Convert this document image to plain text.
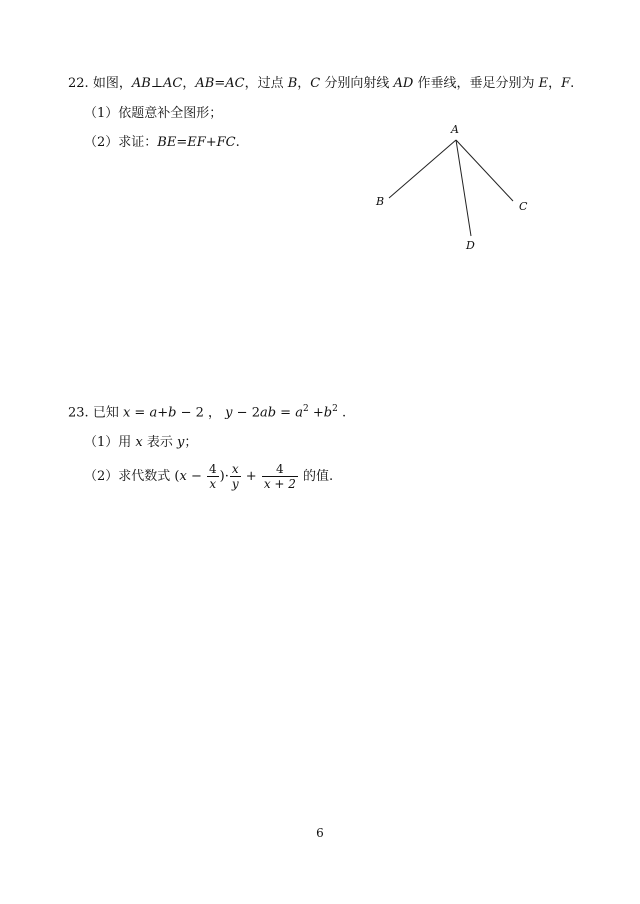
22. 如图，AB⊥AC，AB=AC，过点 B，C 分别向射线 AD 作垂线，垂足分别为 E，F.
（1）依题意补全图形；
（2）求证：BE=EF+FC.
A
B	C
D
23. 已知 x = a+b − 2 ， $y - 2ab = a^2 +b^2$ .
（1）用 x 表示 y；
（2）求代数式 ($x - \frac{4}{x}$ )· $\frac{x}{y} + \frac{4}{x + 2}$ 的值.
6
